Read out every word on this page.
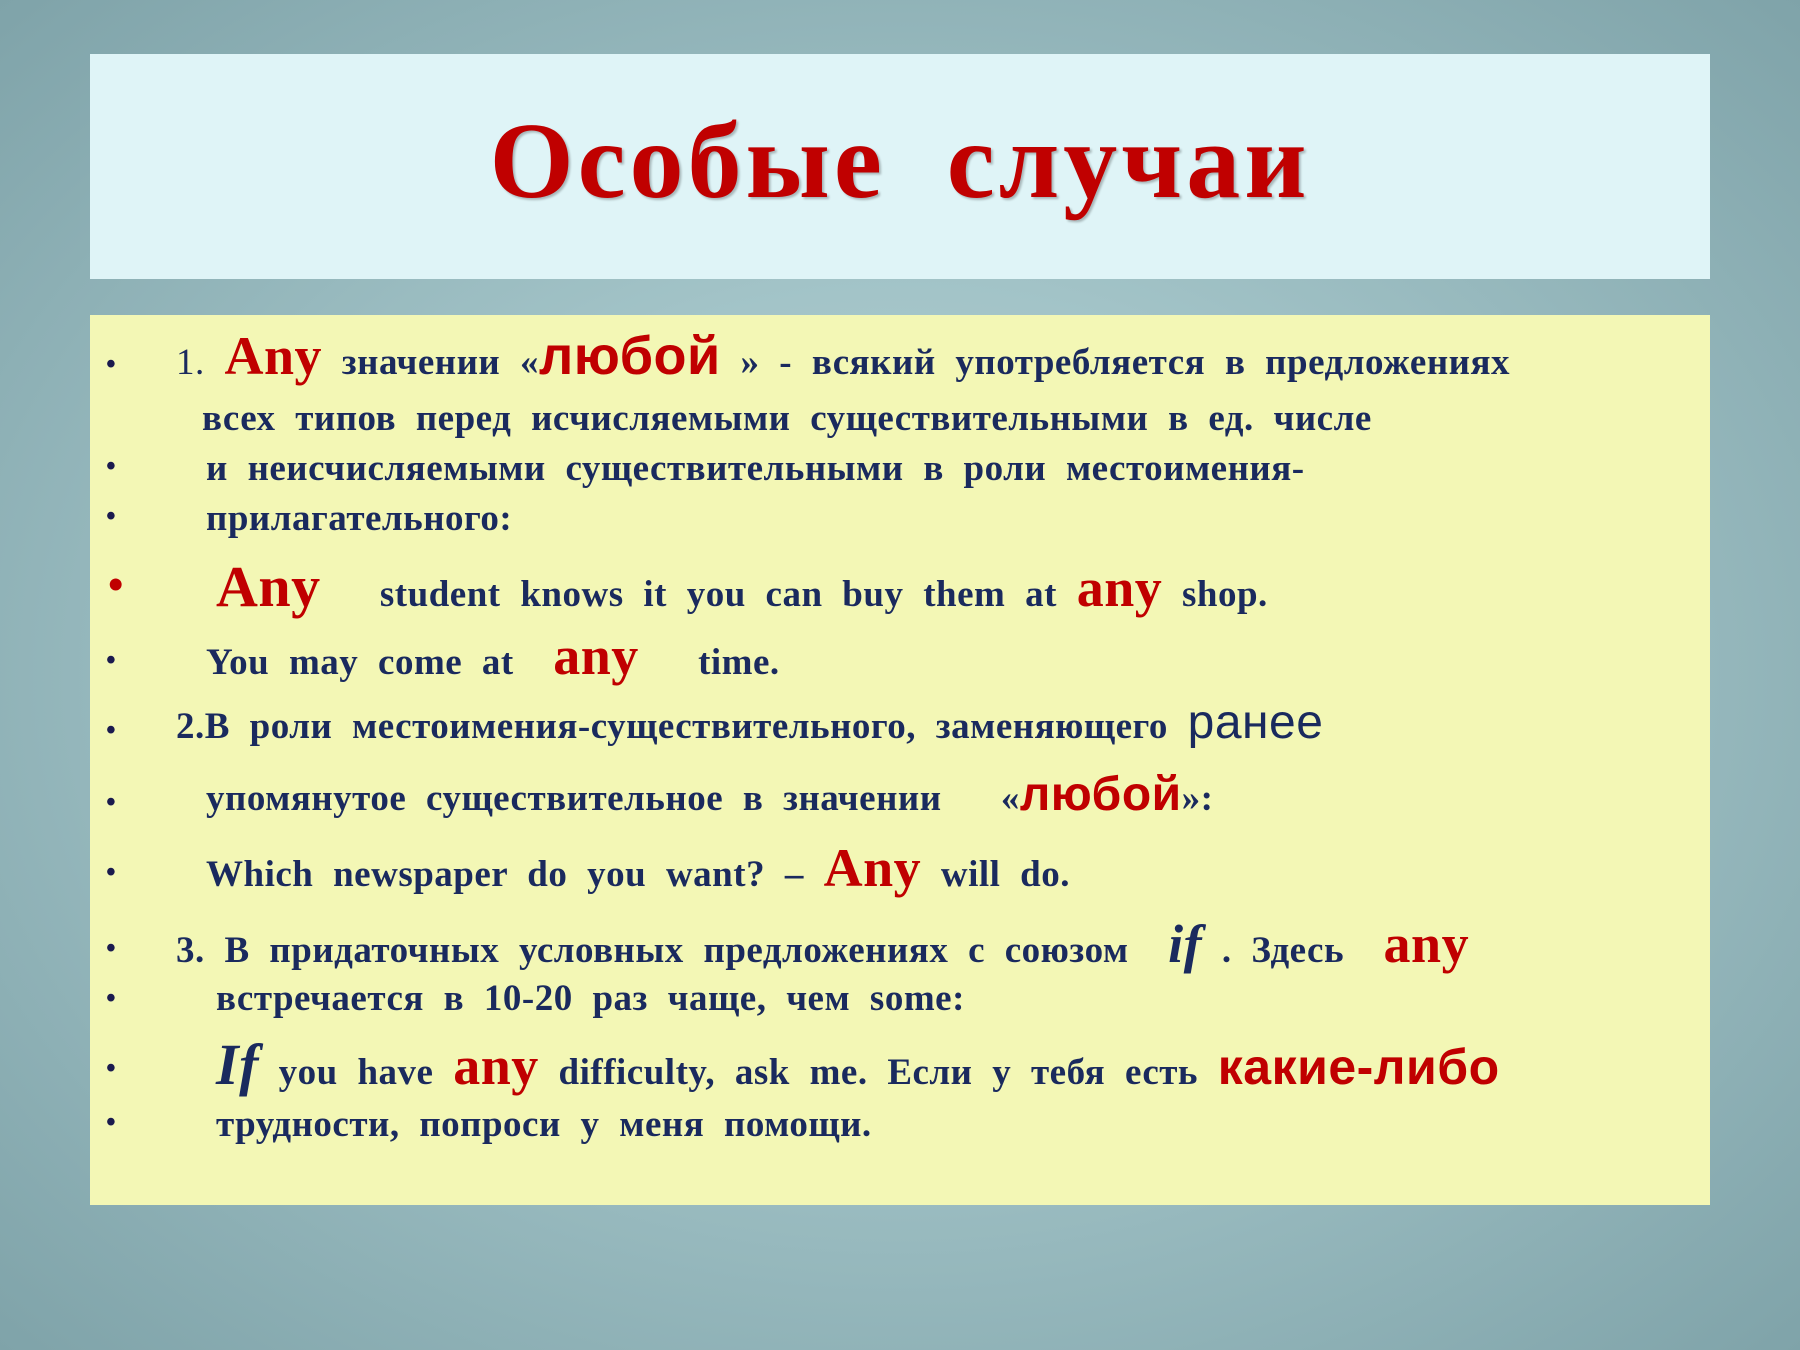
Особые случаи
• 1. Any значении «любой » - всякий употребляется в предложениях
всех типов перед исчисляемыми существительными в ед. числе
• и неисчисляемыми существительными в роли местоимения-
• прилагательного:
• Any student knows it you can buy them at any shop.
• You may come at any time.
• 2.В роли местоимения-существительного, заменяющего ранее
• упомянутое существительное в значении «любой»:
• Which newspaper do you want? – Any will do.
• 3. В придаточных условных предложениях с союзом if . Здесь any
•	встречается в 10-20 раз чаще, чем some:
• If you have any difficulty, ask me. Если у тебя есть какие-либо
•	трудности, попроси у меня помощи.
